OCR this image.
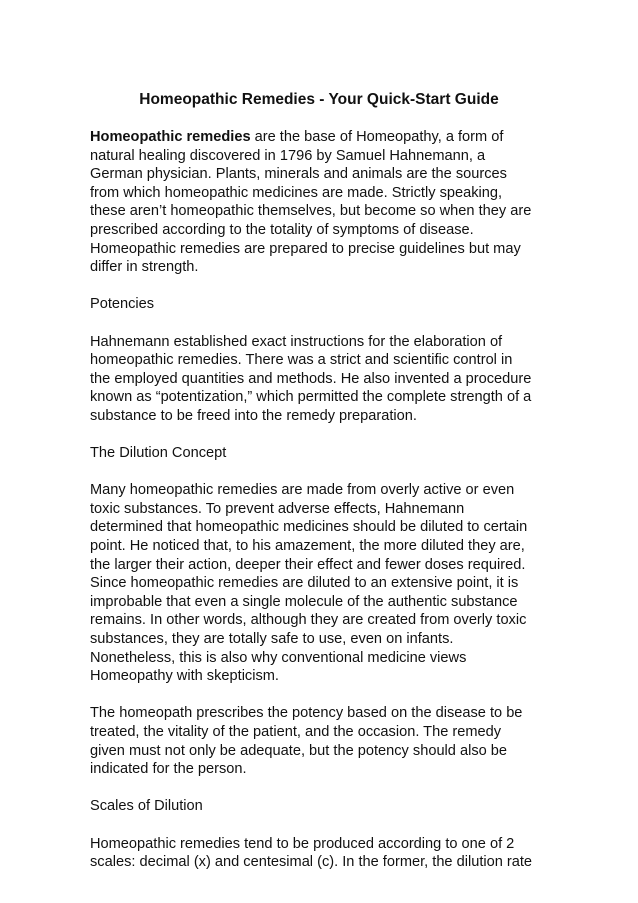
Homeopathic Remedies - Your Quick-Start Guide

Homeopathic remedies are the base of Homeopathy, a form of
natural healing discovered in 1796 by Samuel Hahnemann, a
German physician. Plants, minerals and animals are the sources
from which homeopathic medicines are made. Strictly speaking,
these aren’t homeopathic themselves, but become so when they are
prescribed according to the totality of symptoms of disease.
Homeopathic remedies are prepared to precise guidelines but may
differ in strength.

Potencies

Hahnemann established exact instructions for the elaboration of
homeopathic remedies. There was a strict and scientific control in
the employed quantities and methods. He also invented a procedure
known as “potentization,” which permitted the complete strength of a
substance to be freed into the remedy preparation.

The Dilution Concept

Many homeopathic remedies are made from overly active or even
toxic substances. To prevent adverse effects, Hahnemann
determined that homeopathic medicines should be diluted to certain
point. He noticed that, to his amazement, the more diluted they are,
the larger their action, deeper their effect and fewer doses required.
Since homeopathic remedies are diluted to an extensive point, it is
improbable that even a single molecule of the authentic substance
remains. In other words, although they are created from overly toxic
substances, they are totally safe to use, even on infants.
Nonetheless, this is also why conventional medicine views
Homeopathy with skepticism.

The homeopath prescribes the potency based on the disease to be
treated, the vitality of the patient, and the occasion. The remedy
given must not only be adequate, but the potency should also be
indicated for the person.

Scales of Dilution

Homeopathic remedies tend to be produced according to one of 2
scales: decimal (x) and centesimal (c). In the former, the dilution rate
